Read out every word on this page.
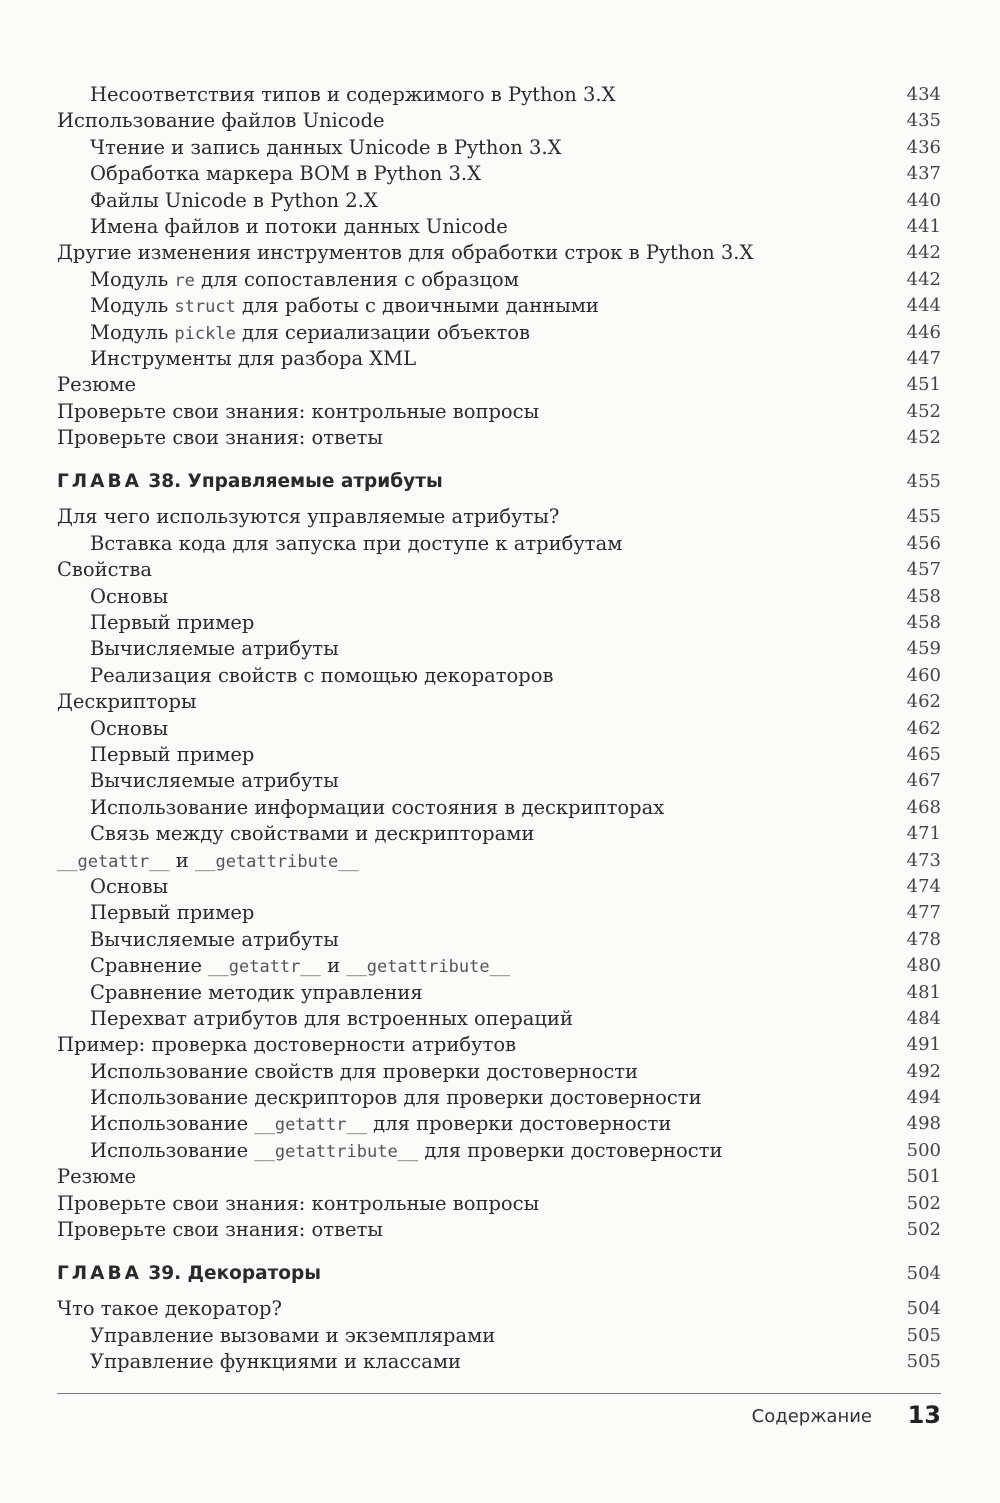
Несоответствия типов и содержимого в Python 3.X	434
Использование файлов Unicode	435
Чтение и запись данных Unicode в Python 3.X	436
Обработка маркера BOM в Python 3.X	437
Файлы Unicode в Python 2.X	440
Имена файлов и потоки данных Unicode	441
Другие изменения инструментов для обработки строк в Python 3.X	442
Модуль re для сопоставления с образцом	442
Модуль struct для работы с двоичными данными	444
Модуль pickle для сериализации объектов	446
Инструменты для разбора XML	447
Резюме	451
Проверьте свои знания: контрольные вопросы	452
Проверьте свои знания: ответы	452
ГЛАВА 38. Управляемые атрибуты	455
Для чего используются управляемые атрибуты?	455
Вставка кода для запуска при доступе к атрибутам	456
Свойства	457
Основы	458
Первый пример	458
Вычисляемые атрибуты	459
Реализация свойств с помощью декораторов	460
Дескрипторы	462
Основы	462
Первый пример	465
Вычисляемые атрибуты	467
Использование информации состояния в дескрипторах	468
Связь между свойствами и дескрипторами	471
__getattr__ и __getattribute__	473
Основы	474
Первый пример	477
Вычисляемые атрибуты	478
Сравнение __getattr__ и __getattribute__	480
Сравнение методик управления	481
Перехват атрибутов для встроенных операций	484
Пример: проверка достоверности атрибутов	491
Использование свойств для проверки достоверности	492
Использование дескрипторов для проверки достоверности	494
Использование __getattr__ для проверки достоверности	498
Использование __getattribute__ для проверки достоверности	500
Резюме	501
Проверьте свои знания: контрольные вопросы	502
Проверьте свои знания: ответы	502
ГЛАВА 39. Декораторы	504
Что такое декоратор?	504
Управление вызовами и экземплярами	505
Управление функциями и классами	505
Содержание 13
